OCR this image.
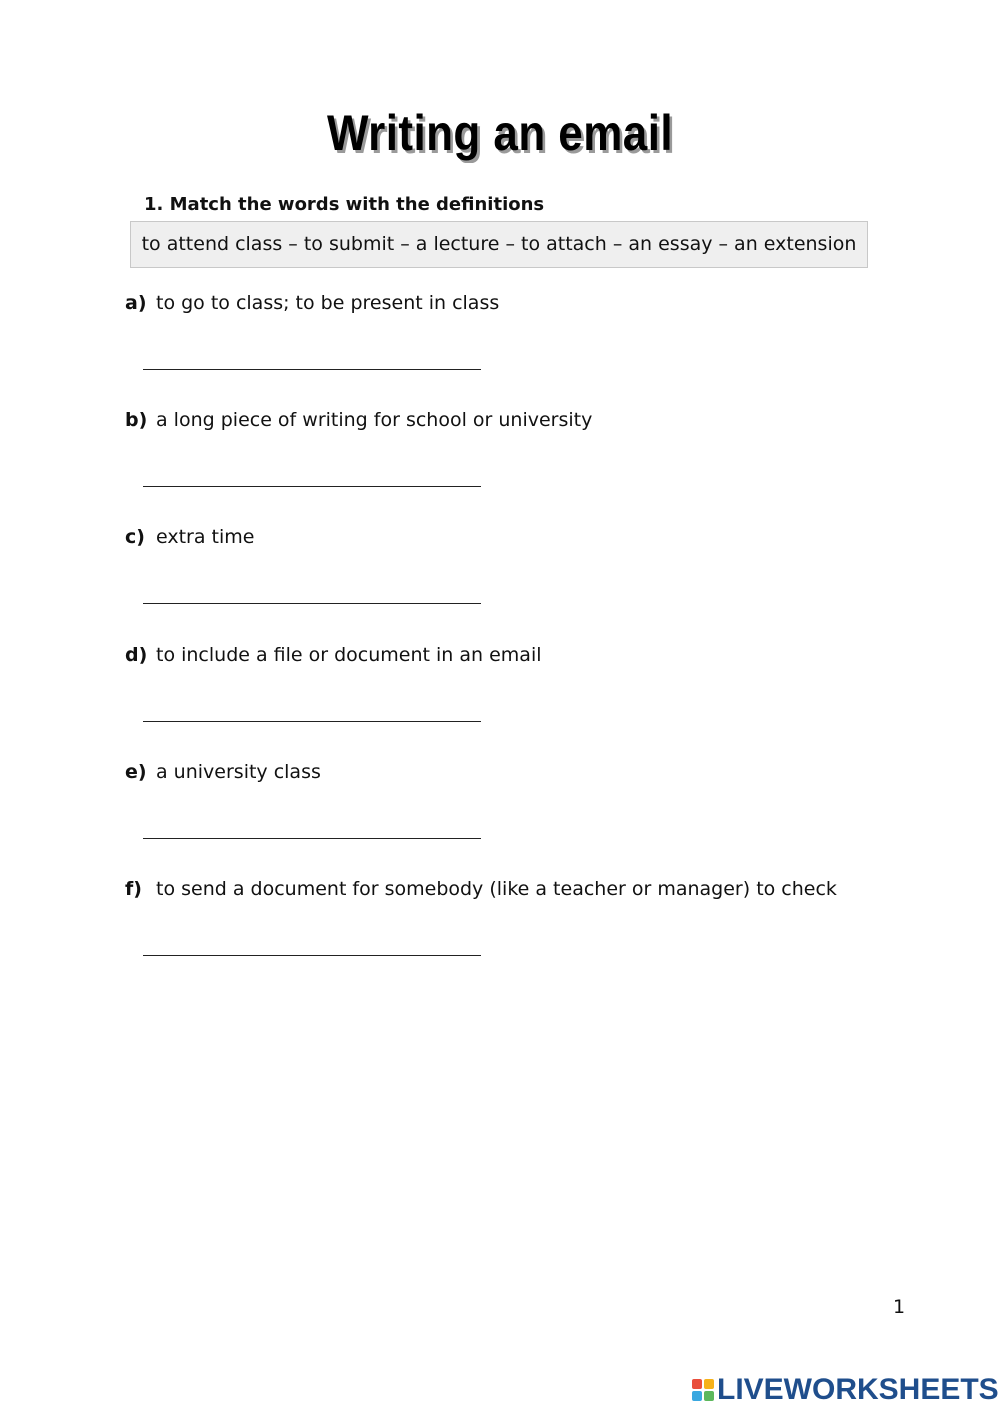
Writing an email
1. Match the words with the definitions
to attend class – to submit – a lecture – to attach – an essay – an extension
a) to go to class; to be present in class
b) a long piece of writing for school or university
c) extra time
d) to include a file or document in an email
e) a university class
f) to send a document for somebody (like a teacher or manager) to check
1
LIVEWORKSHEETS
